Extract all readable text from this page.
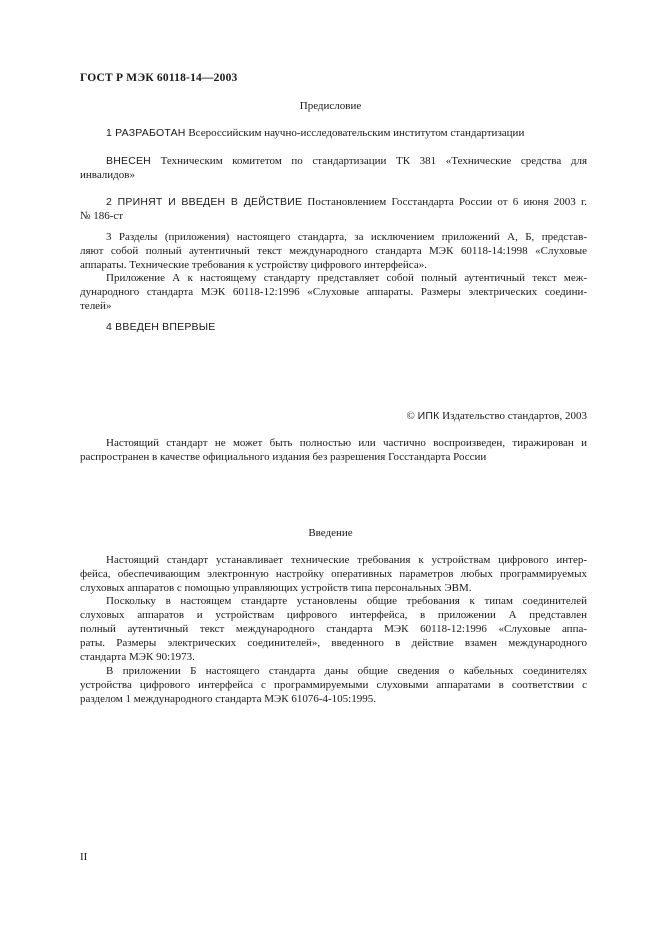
ГОСТ Р МЭК 60118-14—2003
Предисловие
1 РАЗРАБОТАН Всероссийским научно-исследовательским институтом стандартизации
ВНЕСЕН Техническим комитетом по стандартизации ТК 381 «Технические средства для
инвалидов»
2 ПРИНЯТ И ВВЕДЕН В ДЕЙСТВИЕ Постановлением Госстандарта России от 6 июня 2003 г.
№ 186-ст
3 Разделы (приложения) настоящего стандарта, за исключением приложений А, Б, представ-
ляют собой полный аутентичный текст международного стандарта МЭК 60118-14:1998 «Слуховые
аппараты. Технические требования к устройству цифрового интерфейса».
Приложение А к настоящему стандарту представляет собой полный аутентичный текст меж-
дународного стандарта МЭК 60118-12:1996 «Слуховые аппараты. Размеры электрических соедини-
телей»
4 ВВЕДЕН ВПЕРВЫЕ
© ИПК Издательство стандартов, 2003
Настоящий стандарт не может быть полностью или частично воспроизведен, тиражирован и
распространен в качестве официального издания без разрешения Госстандарта России
Введение
Настоящий стандарт устанавливает технические требования к устройствам цифрового интер-
фейса, обеспечивающим электронную настройку оперативных параметров любых программируемых
слуховых аппаратов с помощью управляющих устройств типа персональных ЭВМ.
Поскольку в настоящем стандарте установлены общие требования к типам соединителей
слуховых аппаратов и устройствам цифрового интерфейса, в приложении А представлен
полный аутентичный текст международного стандарта МЭК 60118-12:1996 «Слуховые аппа-
раты. Размеры электрических соединителей», введенного в действие взамен международного
стандарта МЭК 90:1973.
В приложении Б настоящего стандарта даны общие сведения о кабельных соединителях
устройства цифрового интерфейса с программируемыми слуховыми аппаратами в соответствии с
разделом 1 международного стандарта МЭК 61076-4-105:1995.
II
